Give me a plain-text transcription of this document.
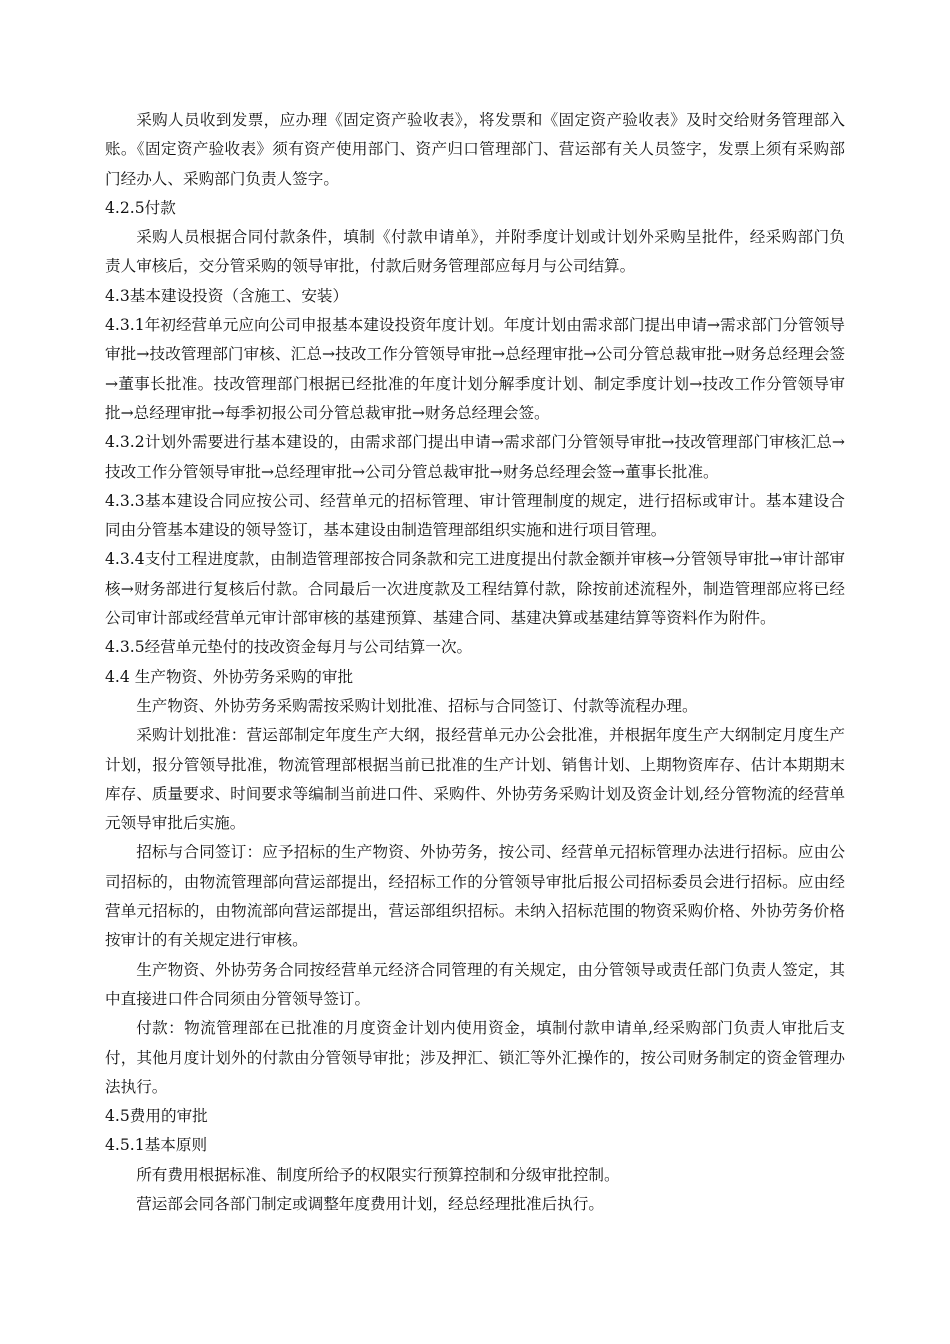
采购人员收到发票，应办理《固定资产验收表》，将发票和《固定资产验收表》及时交给财务管理部入账。《固定资产验收表》须有资产使用部门、资产归口管理部门、营运部有关人员签字，发票上须有采购部门经办人、采购部门负责人签字。

4.2.5付款

采购人员根据合同付款条件，填制《付款申请单》，并附季度计划或计划外采购呈批件，经采购部门负责人审核后，交分管采购的领导审批，付款后财务管理部应每月与公司结算。

4.3基本建设投资（含施工、安装）

4.3.1年初经营单元应向公司申报基本建设投资年度计划。年度计划由需求部门提出申请→需求部门分管领导审批→技改管理部门审核、汇总→技改工作分管领导审批→总经理审批→公司分管总裁审批→财务总经理会签→董事长批准。技改管理部门根据已经批准的年度计划分解季度计划、制定季度计划→技改工作分管领导审批→总经理审批→每季初报公司分管总裁审批→财务总经理会签。

4.3.2计划外需要进行基本建设的，由需求部门提出申请→需求部门分管领导审批→技改管理部门审核汇总→技改工作分管领导审批→总经理审批→公司分管总裁审批→财务总经理会签→董事长批准。

4.3.3基本建设合同应按公司、经营单元的招标管理、审计管理制度的规定，进行招标或审计。基本建设合同由分管基本建设的领导签订，基本建设由制造管理部组织实施和进行项目管理。

4.3.4支付工程进度款，由制造管理部按合同条款和完工进度提出付款金额并审核→分管领导审批→审计部审核→财务部进行复核后付款。合同最后一次进度款及工程结算付款，除按前述流程外，制造管理部应将已经公司审计部或经营单元审计部审核的基建预算、基建合同、基建决算或基建结算等资料作为附件。

4.3.5经营单元垫付的技改资金每月与公司结算一次。

4.4 生产物资、外协劳务采购的审批

生产物资、外协劳务采购需按采购计划批准、招标与合同签订、付款等流程办理。

采购计划批准：营运部制定年度生产大纲，报经营单元办公会批准，并根据年度生产大纲制定月度生产计划，报分管领导批准，物流管理部根据当前已批准的生产计划、销售计划、上期物资库存、估计本期期末库存、质量要求、时间要求等编制当前进口件、采购件、外协劳务采购计划及资金计划,经分管物流的经营单元领导审批后实施。

招标与合同签订：应予招标的生产物资、外协劳务，按公司、经营单元招标管理办法进行招标。应由公司招标的，由物流管理部向营运部提出，经招标工作的分管领导审批后报公司招标委员会进行招标。应由经营单元招标的，由物流部向营运部提出，营运部组织招标。未纳入招标范围的物资采购价格、外协劳务价格按审计的有关规定进行审核。

生产物资、外协劳务合同按经营单元经济合同管理的有关规定，由分管领导或责任部门负责人签定，其中直接进口件合同须由分管领导签订。

付款：物流管理部在已批准的月度资金计划内使用资金，填制付款申请单,经采购部门负责人审批后支付，其他月度计划外的付款由分管领导审批；涉及押汇、锁汇等外汇操作的，按公司财务制定的资金管理办法执行。

4.5费用的审批

4.5.1基本原则

所有费用根据标准、制度所给予的权限实行预算控制和分级审批控制。

营运部会同各部门制定或调整年度费用计划，经总经理批准后执行。
